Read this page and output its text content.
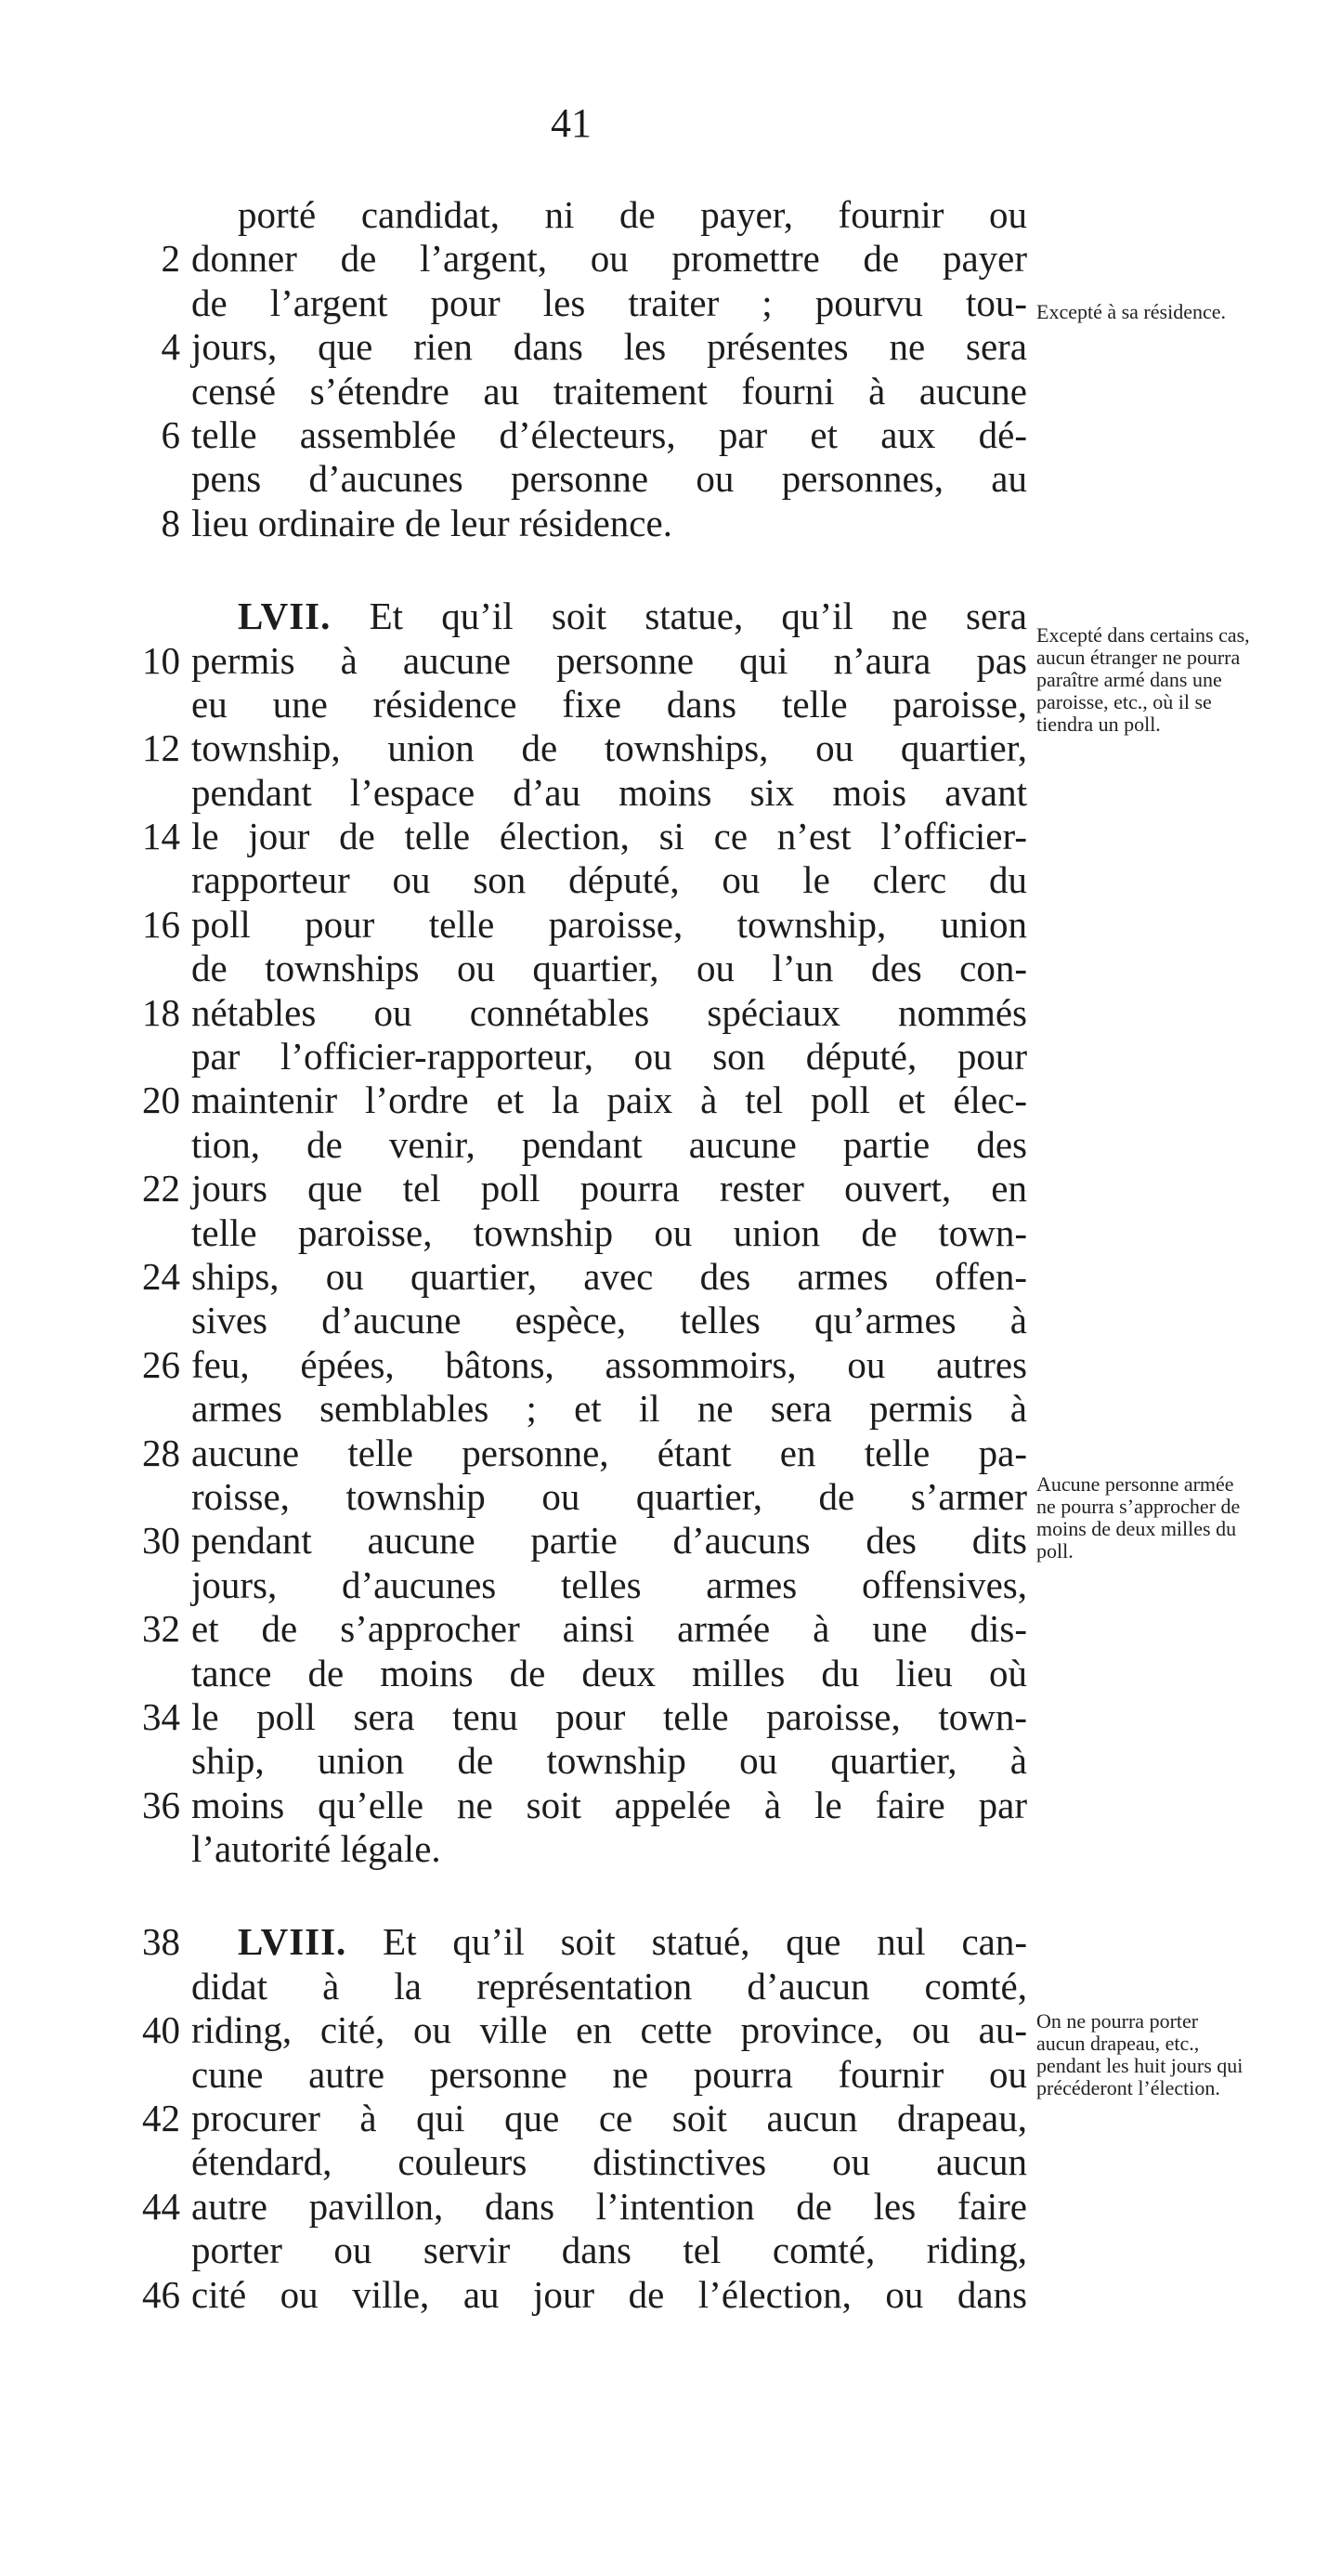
41
porté candidat, ni de payer, fournir ou
2 donner de l’argent, ou promettre de payer
de l’argent pour les traiter ; pourvu tou-
4 jours, que rien dans les présentes ne sera
censé s’étendre au traitement fourni à aucune
6 telle assemblée d’électeurs, par et aux dé-
pens d’aucunes personne ou personnes, au
8 lieu ordinaire de leur résidence.
LVII. Et qu’il soit statue, qu’il ne sera
10 permis à aucune personne qui n’aura pas
eu une résidence fixe dans telle paroisse,
12 township, union de townships, ou quartier,
pendant l’espace d’au moins six mois avant
14 le jour de telle élection, si ce n’est l’officier-
rapporteur ou son député, ou le clerc du
16 poll pour telle paroisse, township, union
de townships ou quartier, ou l’un des con-
18 nétables ou connétables spéciaux nommés
par l’officier-rapporteur, ou son député, pour
20 maintenir l’ordre et la paix à tel poll et élec-
tion, de venir, pendant aucune partie des
22 jours que tel poll pourra rester ouvert, en
telle paroisse, township ou union de town-
24 ships, ou quartier, avec des armes offen-
sives d’aucune espèce, telles qu’armes à
26 feu, épées, bâtons, assommoirs, ou autres
armes semblables ; et il ne sera permis à
28 aucune telle personne, étant en telle pa-
roisse, township ou quartier, de s’armer
30 pendant aucune partie d’aucuns des dits
jours, d’aucunes telles armes offensives,
32 et de s’approcher ainsi armée à une dis-
tance de moins de deux milles du lieu où
34 le poll sera tenu pour telle paroisse, town-
ship, union de township ou quartier, à
36 moins qu’elle ne soit appelée à le faire par
l’autorité légale.
38 LVIII. Et qu’il soit statué, que nul can-
didat à la représentation d’aucun comté,
40 riding, cité, ou ville en cette province, ou au-
cune autre personne ne pourra fournir ou
42 procurer à qui que ce soit aucun drapeau,
étendard, couleurs distinctives ou aucun
44 autre pavillon, dans l’intention de les faire
porter ou servir dans tel comté, riding,
46 cité ou ville, au jour de l’élection, ou dans
Excepté à sa résidence.
Excepté dans certains cas, aucun étranger ne pourra paraître armé dans une paroisse, etc., où il se tiendra un poll.
Aucune personne armée ne pourra s’approcher de moins de deux milles du poll.
On ne pourra porter aucun drapeau, etc., pendant les huit jours qui précéderont l’élection.
